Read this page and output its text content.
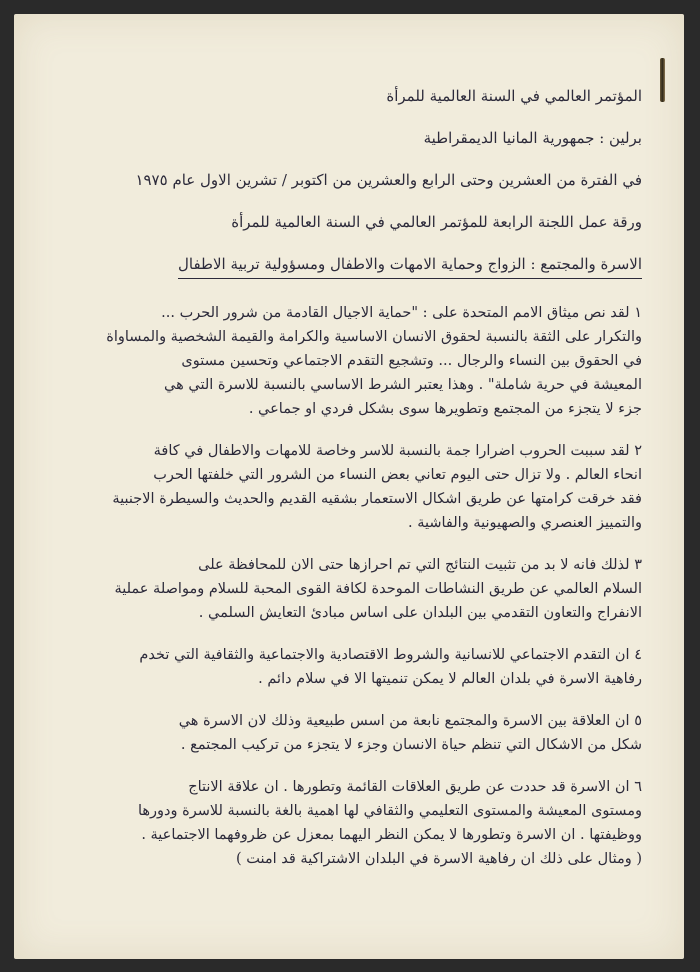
المؤتمر العالمي في السنة العالمية للمرأة

برلين : جمهورية المانيا الديمقراطية

في الفترة من العشرين وحتى الرابع والعشرين من اكتوبر / تشرين الاول عام ١٩٧٥

ورقة عمل اللجنة الرابعة للمؤتمر العالمي في السنة العالمية للمرأة

الاسرة والمجتمع : الزواج وحماية الامهات والاطفال ومسؤولية تربية الاطفال

١ لقد نص ميثاق الامم المتحدة على : "حماية الاجيال القادمة من شرور الحرب ...
والتكرار على الثقة بالنسبة لحقوق الانسان الاساسية والكرامة والقيمة الشخصية والمساواة
في الحقوق بين النساء والرجال ... وتشجيع التقدم الاجتماعي وتحسين مستوى
المعيشة في حرية شاملة" . وهذا يعتبر الشرط الاساسي بالنسبة للاسرة التي هي
جزء لا يتجزء من المجتمع وتطويرها سوى بشكل فردي او جماعي .
٢ لقد سببت الحروب اضرارا جمة بالنسبة للاسر وخاصة للامهات والاطفال في كافة
انحاء العالم . ولا تزال حتى اليوم تعاني بعض النساء من الشرور التي خلفتها الحرب
فقد خرقت كرامتها عن طريق اشكال الاستعمار بشقيه القديم والحديث والسيطرة الاجنبية
والتمييز العنصري والصهيونية والفاشية .
٣ لذلك فانه لا بد من تثبيت النتائج التي تم احرازها حتى الان للمحافظة على
السلام العالمي عن طريق النشاطات الموحدة لكافة القوى المحبة للسلام ومواصلة عملية
الانفراج والتعاون التقدمي بين البلدان على اساس مبادئ التعايش السلمي .
٤ ان التقدم الاجتماعي للانسانية والشروط الاقتصادية والاجتماعية والثقافية التي تخدم
رفاهية الاسرة في بلدان العالم لا يمكن تنميتها الا في سلام دائم .
٥ ان العلاقة بين الاسرة والمجتمع نابعة من اسس طبيعية وذلك لان الاسرة هي
شكل من الاشكال التي تنظم حياة الانسان وجزء لا يتجزء من تركيب المجتمع .
٦ ان الاسرة قد حددت عن طريق العلاقات القائمة وتطورها . ان علاقة الانتاج
ومستوى المعيشة والمستوى التعليمي والثقافي لها اهمية بالغة بالنسبة للاسرة ودورها
ووظيفتها . ان الاسرة وتطورها لا يمكن النظر اليهما بمعزل عن ظروفهما الاجتماعية .
( ومثال على ذلك ان رفاهية الاسرة في البلدان الاشتراكية قد امنت )
